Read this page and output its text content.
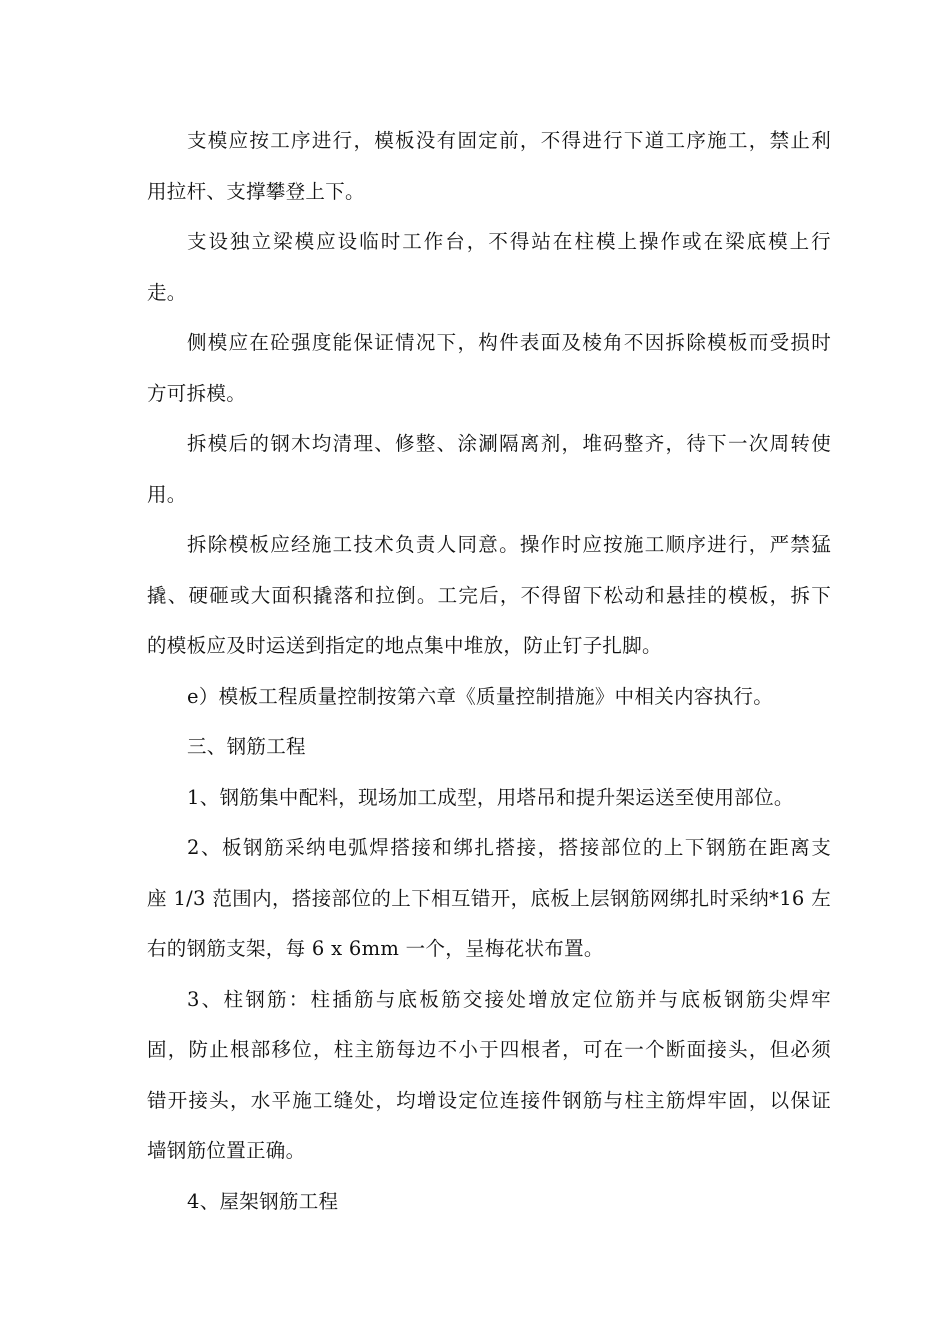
支模应按工序进行，模板没有固定前，不得进行下道工序施工，禁止利
用拉杆、支撑攀登上下。

支设独立梁模应设临时工作台，不得站在柱模上操作或在梁底模上行
走。

侧模应在砼强度能保证情况下，构件表面及棱角不因拆除模板而受损时
方可拆模。

拆模后的钢木均清理、修整、涂涮隔离剂，堆码整齐，待下一次周转使
用。

拆除模板应经施工技术负责人同意。操作时应按施工顺序进行，严禁猛
撬、硬砸或大面积撬落和拉倒。工完后，不得留下松动和悬挂的模板，拆下
的模板应及时运送到指定的地点集中堆放，防止钉子扎脚。

e）模板工程质量控制按第六章《质量控制措施》中相关内容执行。

三、钢筋工程

1、钢筋集中配料，现场加工成型，用塔吊和提升架运送至使用部位。

2、板钢筋采纳电弧焊搭接和绑扎搭接，搭接部位的上下钢筋在距离支
座 1/3 范围内，搭接部位的上下相互错开，底板上层钢筋网绑扎时采纳*16 左
右的钢筋支架，每 6 x 6mm 一个，呈梅花状布置。

3、柱钢筋：柱插筋与底板筋交接处增放定位筋并与底板钢筋尖焊牢
固，防止根部移位，柱主筋每边不小于四根者，可在一个断面接头，但必须
错开接头，水平施工缝处，均增设定位连接件钢筋与柱主筋焊牢固，以保证
墙钢筋位置正确。

4、屋架钢筋工程
